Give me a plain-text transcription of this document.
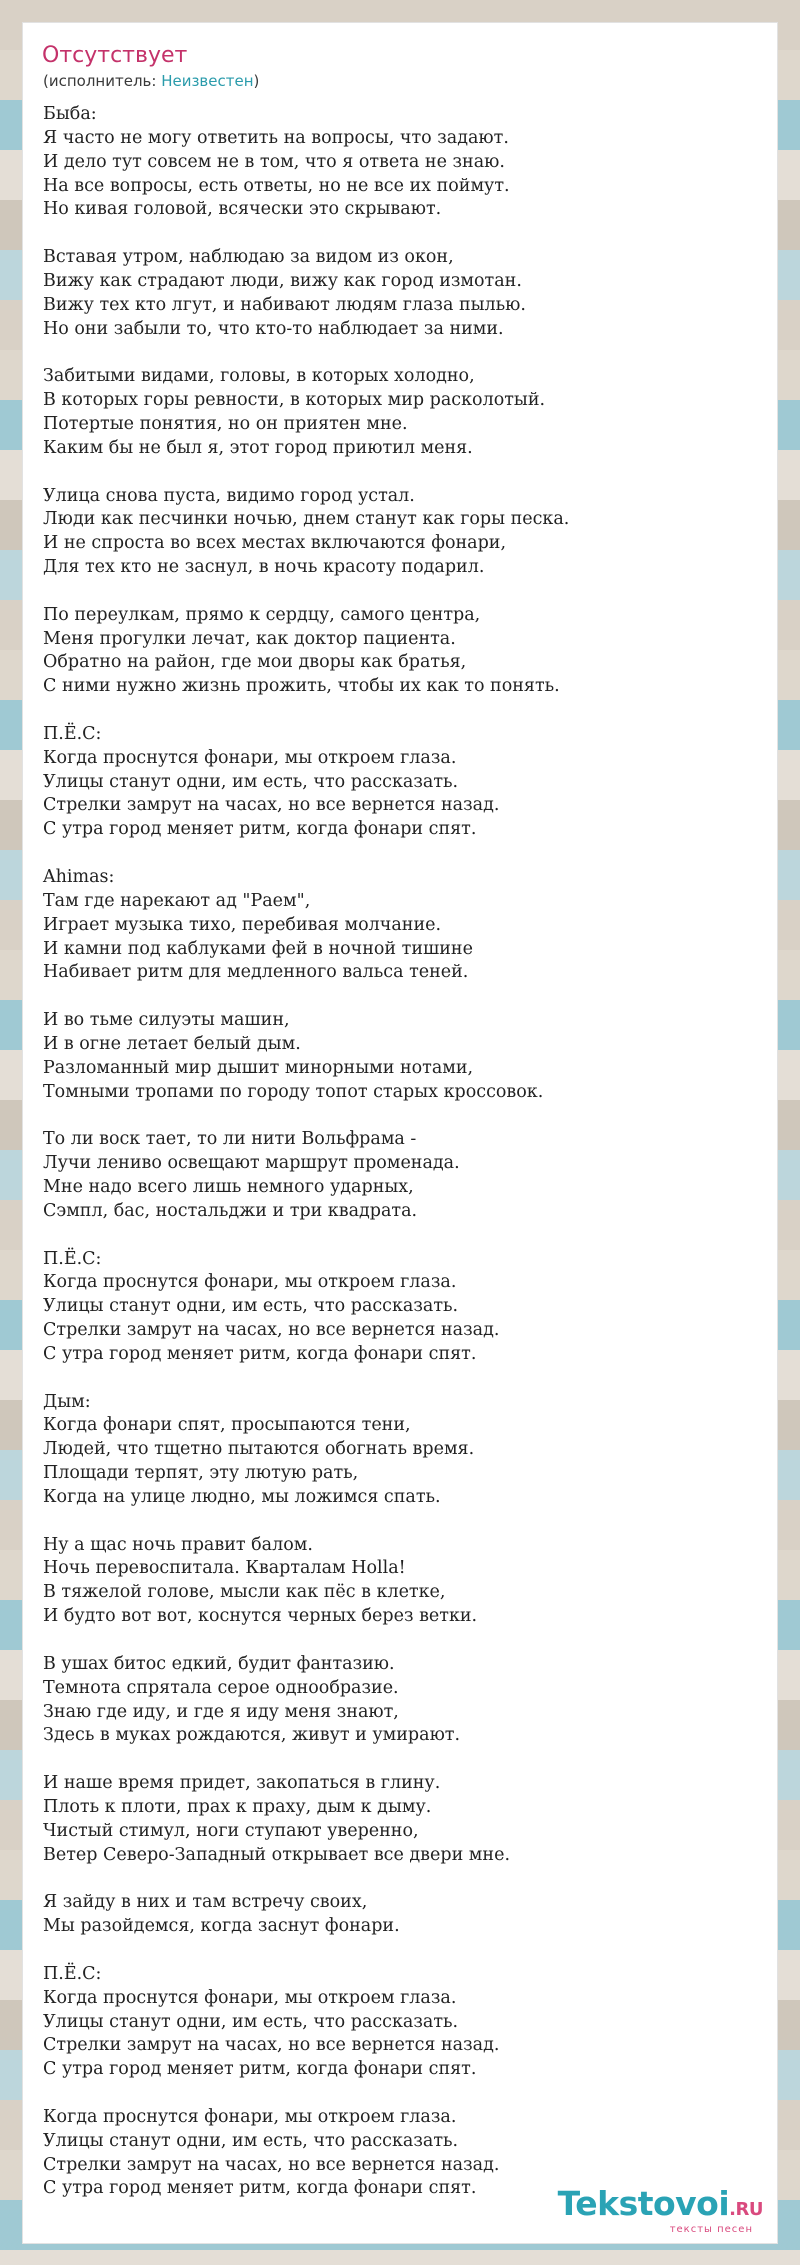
Отсутствует
(исполнитель: Неизвестен)
Быба:
Я часто не могу ответить на вопросы, что задают.
И дело тут совсем не в том, что я ответа не знаю.
На все вопросы, есть ответы, но не все их поймут.
Но кивая головой, всячески это скрывают.

Вставая утром, наблюдаю за видом из окон,
Вижу как страдают люди, вижу как город измотан.
Вижу тех кто лгут, и набивают людям глаза пылью.
Но они забыли то, что кто-то наблюдает за ними.

Забитыми видами, головы, в которых холодно,
В которых горы ревности, в которых мир расколотый.
Потертые понятия, но он приятен мне.
Каким бы не был я, этот город приютил меня.

Улица снова пуста, видимо город устал.
Люди как песчинки ночью, днем станут как горы песка.
И не спроста во всех местах включаются фонари,
Для тех кто не заснул, в ночь красоту подарил.

По переулкам, прямо к сердцу, самого центра,
Меня прогулки лечат, как доктор пациента.
Обратно на район, где мои дворы как братья,
С ними нужно жизнь прожить, чтобы их как то понять.

П.Ё.С:
Когда проснутся фонари, мы откроем глаза.
Улицы станут одни, им есть, что рассказать.
Стрелки замрут на часах, но все вернется назад.
С утра город меняет ритм, когда фонари спят.

Ahimas:
Там где нарекают ад "Раем",
Играет музыка тихо, перебивая молчание.
И камни под каблуками фей в ночной тишине
Набивает ритм для медленного вальса теней.

И во тьме силуэты машин,
И в огне летает белый дым.
Разломанный мир дышит минорными нотами,
Томными тропами по городу топот старых кроссовок.

То ли воск тает, то ли нити Вольфрама -
Лучи лениво освещают маршрут променада.
Мне надо всего лишь немного ударных,
Сэмпл, бас, ностальджи и три квадрата.

П.Ё.С:
Когда проснутся фонари, мы откроем глаза.
Улицы станут одни, им есть, что рассказать.
Стрелки замрут на часах, но все вернется назад.
С утра город меняет ритм, когда фонари спят.

Дым:
Когда фонари спят, просыпаются тени,
Людей, что тщетно пытаются обогнать время.
Площади терпят, эту лютую рать,
Когда на улице людно, мы ложимся спать.

Ну а щас ночь правит балом.
Ночь перевоспитала. Кварталам Holla!
В тяжелой голове, мысли как пёс в клетке,
И будто вот вот, коснутся черных берез ветки.

В ушах битос едкий, будит фантазию.
Темнота спрятала серое однообразие.
Знаю где иду, и где я иду меня знают,
Здесь в муках рождаются, живут и умирают.

И наше время придет, закопаться в глину.
Плоть к плоти, прах к праху, дым к дыму.
Чистый стимул, ноги ступают уверенно,
Ветер Северо-Западный открывает все двери мне.

Я зайду в них и там встречу своих,
Мы разойдемся, когда заснут фонари.

П.Ё.С:
Когда проснутся фонари, мы откроем глаза.
Улицы станут одни, им есть, что рассказать.
Стрелки замрут на часах, но все вернется назад.
С утра город меняет ритм, когда фонари спят.

Когда проснутся фонари, мы откроем глаза.
Улицы станут одни, им есть, что рассказать.
Стрелки замрут на часах, но все вернется назад.
С утра город меняет ритм, когда фонари спят.	Tekstovoi.RU
тексты песен
